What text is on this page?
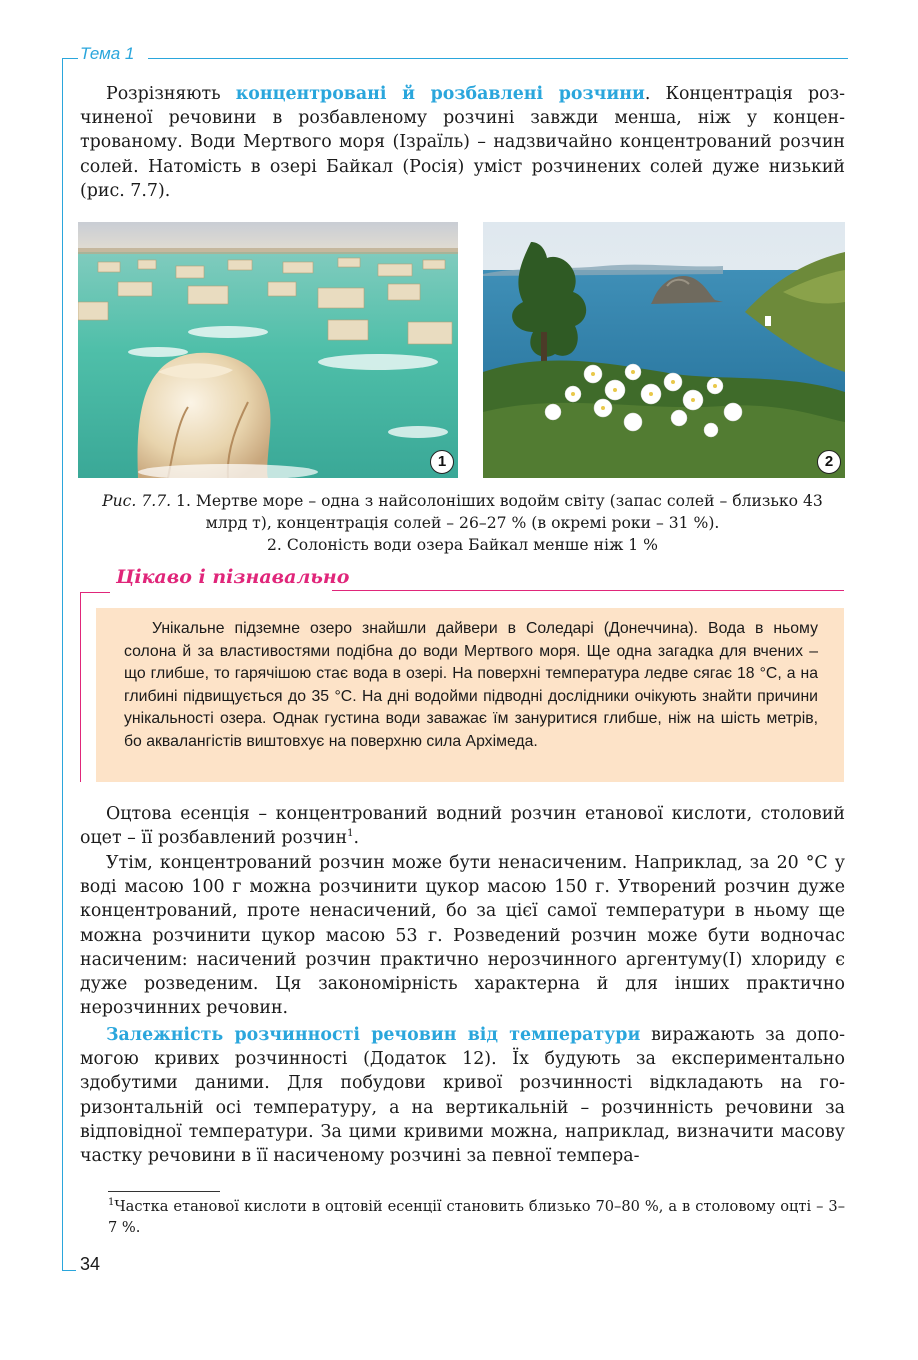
Тема 1

Розрізняють концентровані й розбавлені розчини. Концентрація розчиненої речовини в розбавленому розчині завжди менша, ніж у концентрованому. Води Мертвого моря (Ізраїль) – надзвичайно концентрований розчин солей. Натомість в озері Байкал (Росія) уміст розчинених солей дуже низький (рис. 7.7).

1	2

Рис. 7.7. 1. Мертве море – одна з найсолоніших водойм світу (запас солей – близько 43 млрд т), концентрація солей – 26–27 % (в окремі роки – 31 %).
2. Солоність води озера Байкал менше ніж 1 %

Цікаво і пізнавально

Унікальне підземне озеро знайшли дайвери в Соледарі (Донеччина). Вода в ньому солона й за властивостями подібна до води Мертвого моря. Ще одна загадка для вчених – що глибше, то гарячішою стає вода в озері. На поверхні температура ледве сягає 18 °С, а на глибині підвищується до 35 °С. На дні водойми підводні дослідники очікують знайти причини унікальності озера. Однак густина води заважає їм зануритися глибше, ніж на шість метрів, бо аквалангістів виштовхує на поверхню сила Архімеда.

Оцтова есенція – концентрований водний розчин етанової кислоти, столовий оцет – її розбавлений розчин$^1$.

Утім, концентрований розчин може бути ненасиченим. Наприклад, за 20 °С у воді масою 100 г можна розчинити цукор масою 150 г. Утворений розчин дуже концентрований, проте ненасичений, бо за цієї самої температури в ньому ще можна розчинити цукор масою 53 г. Розведений розчин може бути водночас насиченим: насичений розчин практично нерозчинного аргентуму(I) хлориду є дуже розведеним. Ця закономірність характерна й для інших практично нерозчинних речовин.

Залежність розчинності речовин від температури виражають за допомогою кривих розчинності (Додаток 12). Їх будують за експериментально здобутими даними. Для побудови кривої розчинності відкладають на горизонтальній осі температуру, а на вертикальній – розчинність речовини за відповідної температури. За цими кривими можна, наприклад, визначити масову частку речовини в її насиченому розчині за певної темпера-

$^1$Частка етанової кислоти в оцтовій есенції становить близько 70–80 %, а в столовому оцті – 3–7 %.

34
